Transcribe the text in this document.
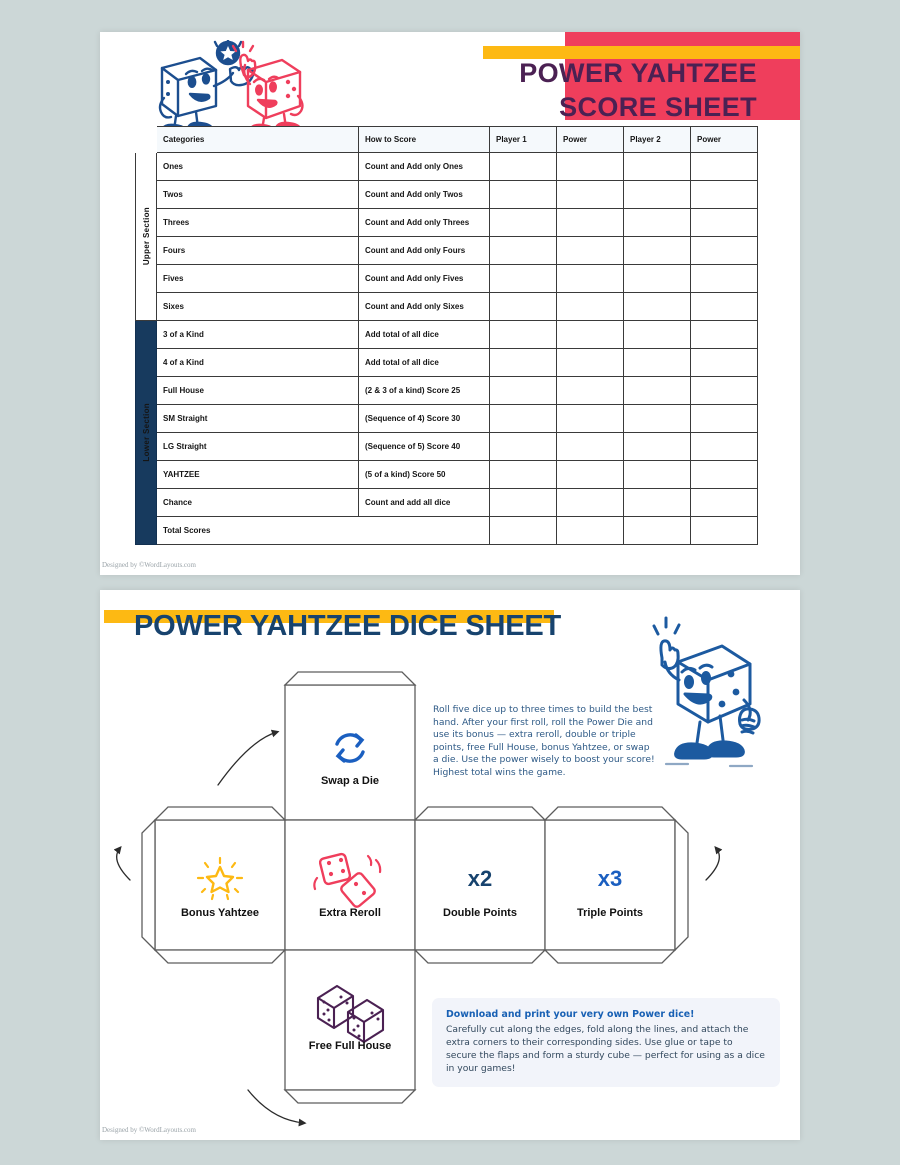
POWER YAHTZEE
SCORE SHEET
	Categories	How to Score	Player 1	Power	Player 2	Power

Upper Section	Ones	Count and Add only Ones				
	Twos	Count and Add only Twos				
	Threes	Count and Add only Threes				
	Fours	Count and Add only Fours				
	Fives	Count and Add only Fives				
	Sixes	Count and Add only Sixes				

Lower Section	3 of a Kind	Add total of all dice				
	4 of a Kind	Add total of all dice				
	Full House	(2 & 3 of a kind) Score 25				
	SM Straight	(Sequence of 4) Score 30				
	LG Straight	(Sequence of 5) Score 40				
	YAHTZEE	(5 of a kind) Score 50				
	Chance	Count and add all dice				
	Total Scores					
Designed by ©WordLayouts.com
POWER YAHTZEE DICE SHEET
Roll five dice up to three times to build the best hand. After your first roll, roll the Power Die and use its bonus — extra reroll, double or triple points, free Full House, bonus Yahtzee, or swap a die. Use the power wisely to boost your score! Highest total wins the game.
Download and print your very own Power dice!
Carefully cut along the edges, fold along the lines, and attach the extra corners to their corresponding sides. Use glue or tape to secure the flaps and form a sturdy cube — perfect for using as a dice in your games!
Swap a Die
Bonus Yahtzee	Extra Reroll
x2
Double Points
x3
Triple Points
Free Full House
Designed by ©WordLayouts.com
